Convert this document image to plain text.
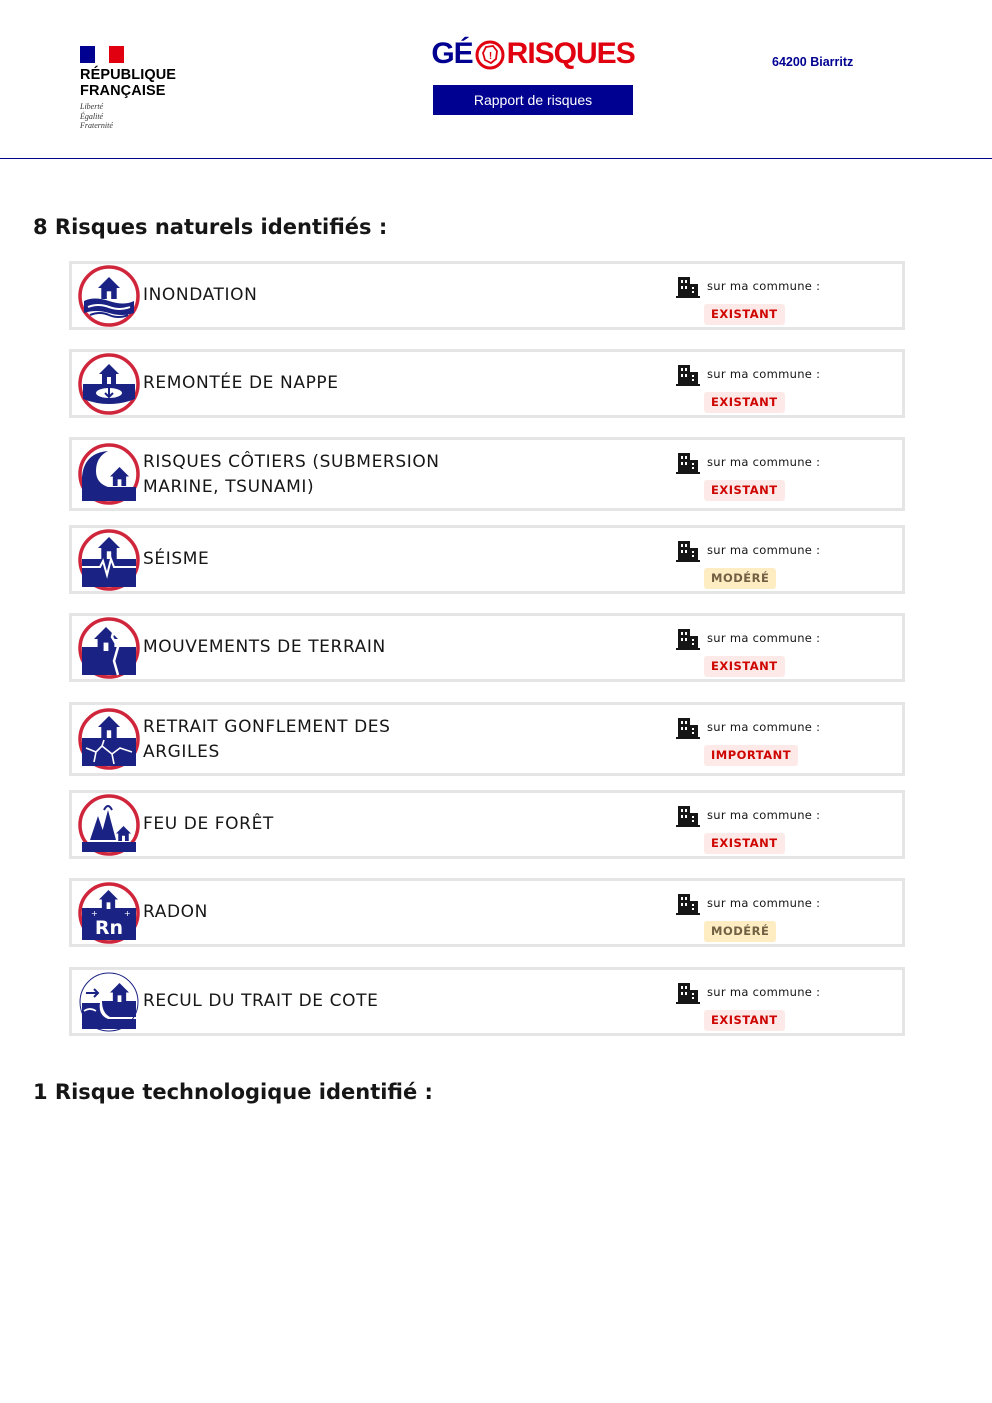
RÉPUBLIQUE
FRANÇAISE
Liberté
Égalité
Fraternité
GÉ ! RISQUES
Rapport de risques
64200 Biarritz
8 Risques naturels identifiés :
INONDATION	sur ma commune :
EXISTANT
REMONTÉE DE NAPPE	sur ma commune :
EXISTANT
RISQUES CÔTIERS (SUBMERSION
MARINE, TSUNAMI)
sur ma commune :
EXISTANT
SÉISME	sur ma commune :
MODÉRÉ
MOUVEMENTS DE TERRAIN	sur ma commune :
EXISTANT
RETRAIT GONFLEMENT DES
ARGILES
sur ma commune :
IMPORTANT
FEU DE FORÊT	sur ma commune :
EXISTANT
Rn
+	+ RADON	sur ma commune :
MODÉRÉ
RECUL DU TRAIT DE COTE	sur ma commune :
EXISTANT
1 Risque technologique identifié :
